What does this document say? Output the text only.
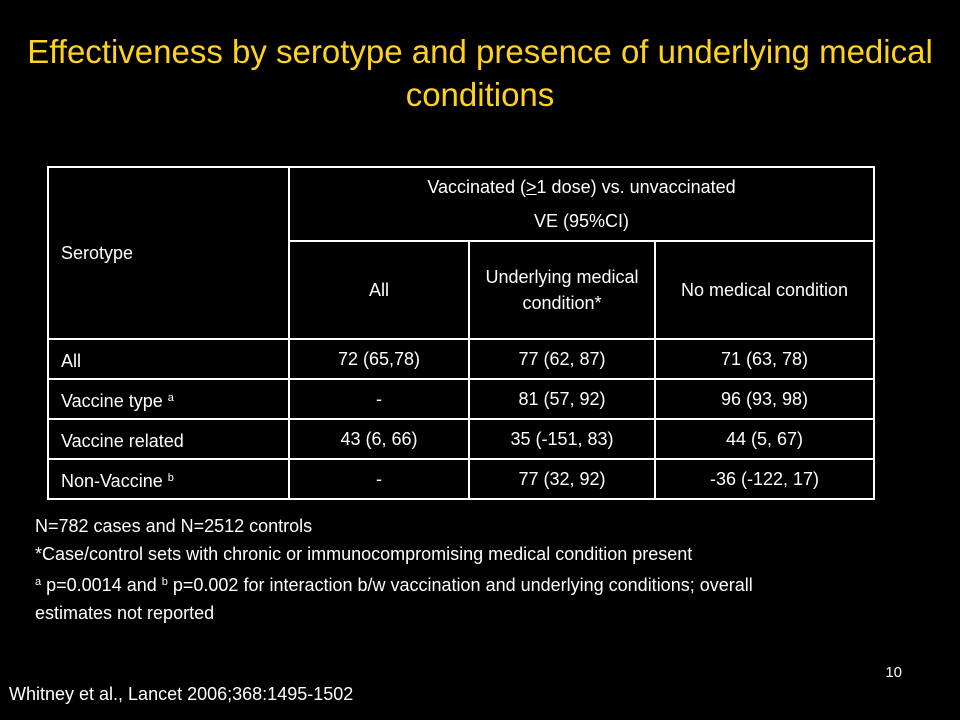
Effectiveness by serotype and presence of underlying medical conditions
Serotype	Vaccinated (>1 dose) vs. unvaccinated
VE (95%CI)		
	All	Underlying medical condition*	No medical condition
All	72 (65,78)	77 (62, 87)	71 (63, 78)
Vaccine type $^a$	-	81 (57, 92)	96 (93, 98)
Vaccine related	43 (6, 66)	35 (-151, 83)	44 (5, 67)
Non-Vaccine $^b$	-	77 (32, 92)	-36 (-122, 17)
N=782 cases and N=2512 controls
*Case/control sets with chronic or immunocompromising medical condition present
$^a$ p=0.0014 and $^b$ p=0.002 for interaction b/w vaccination and underlying conditions; overall estimates not reported
10
Whitney et al., Lancet 2006;368:1495-1502
